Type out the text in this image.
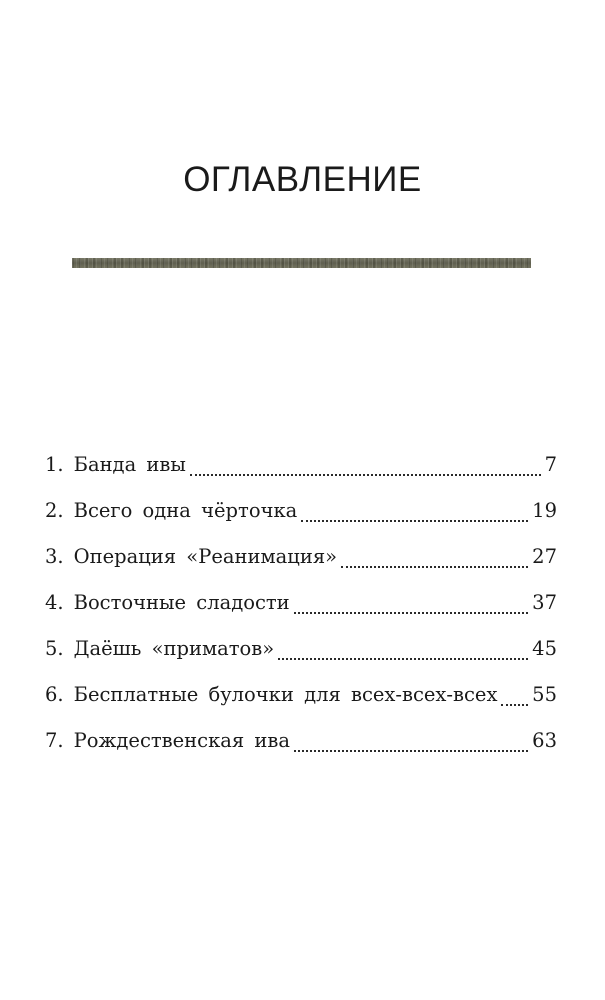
ОГЛАВЛЕНИЕ
1. Банда ивы	7
2. Всего одна чёрточка	19
3. Операция «Реанимация»	27
4. Восточные сладости	37
5. Даёшь «приматов»	45
6. Бесплатные булочки для всех-всех-всех 55
7. Рождественская ива	63
